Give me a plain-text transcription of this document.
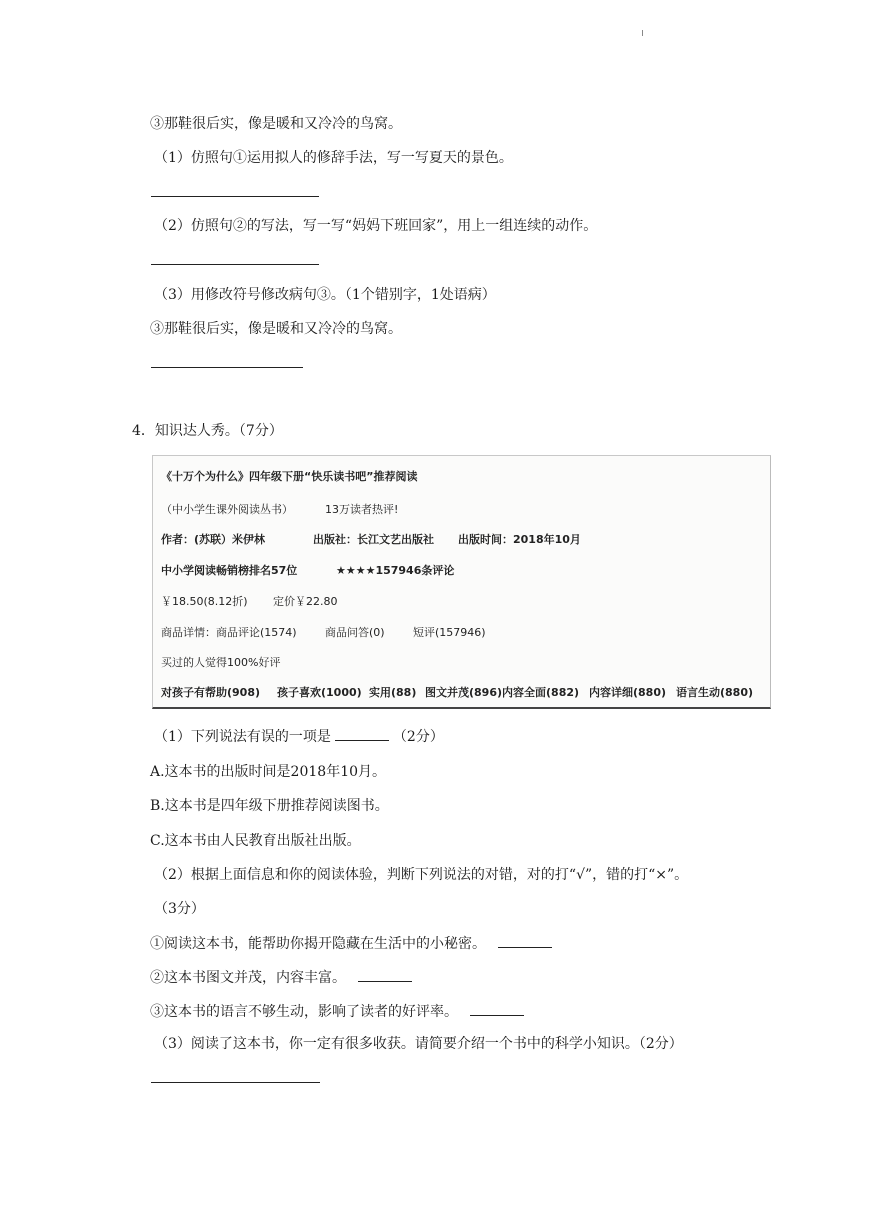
③那鞋很后实，像是暖和又冷冷的鸟窝。
（1）仿照句①运用拟人的修辞手法，写一写夏天的景色。
（2）仿照句②的写法，写一写“妈妈下班回家”，用上一组连续的动作。
（3）用修改符号修改病句③。（1个错别字，1处语病）
③那鞋很后实，像是暖和又冷冷的鸟窝。
4．知识达人秀。（7分）
《十万个为什么》四年级下册“快乐读书吧”推荐阅读
（中小学生课外阅读丛书）	13万读者热评!
作者：(苏联）米伊林	出版社：长江文艺出版社 出版时间：2018年10月
中小学阅读畅销榜排名57位	★★★★157946条评论
￥18.50(8.12折) 定价￥22.80
商品详情：商品评论(1574)	商品问答(0)	短评(157946)
买过的人觉得100%好评
对孩子有帮助(908) 孩子喜欢(1000) 实用(88) 图文并茂(896)内容全面(882) 内容详细(880) 语言生动(880)
（1）下列说法有误的一项是	（2分）
A.这本书的出版时间是2018年10月。
B.这本书是四年级下册推荐阅读图书。
C.这本书由人民教育出版社出版。
（2）根据上面信息和你的阅读体验，判断下列说法的对错，对的打“√”，错的打“×”。
（3分）
①阅读这本书，能帮助你揭开隐藏在生活中的小秘密。
②这本书图文并茂，内容丰富。
③这本书的语言不够生动，影响了读者的好评率。
（3）阅读了这本书，你一定有很多收获。请简要介绍一个书中的科学小知识。（2分）
